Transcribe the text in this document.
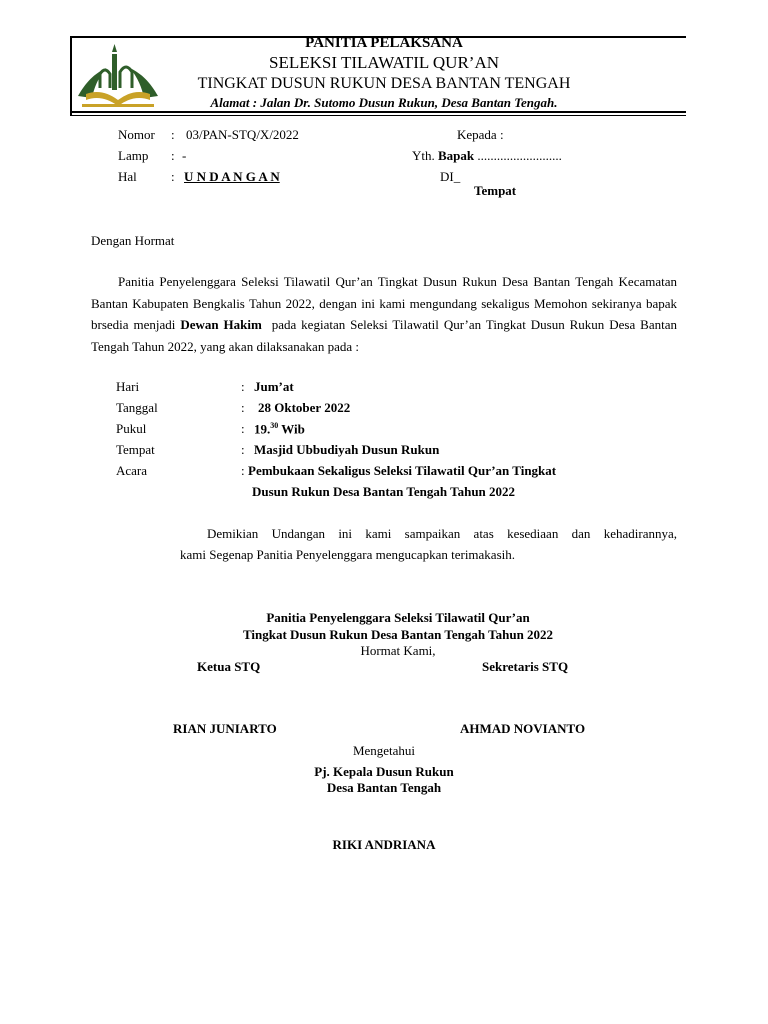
PANITIA PELAKSANA
SELEKSI TILAWATIL QUR’AN
TINGKAT DUSUN RUKUN DESA BANTAN TENGAH
Alamat : Jalan Dr. Sutomo Dusun Rukun, Desa Bantan Tengah.
Nomor : 03/PAN-STQ/X/2022
Lamp : -
Hal	: U N D A N G A N
Kepada :
Yth. Bapak ..........................
DI_
Tempat
Dengan Hormat

Panitia Penyelenggara Seleksi Tilawatil Qur’an Tingkat Dusun Rukun Desa Bantan Tengah Kecamatan Bantan Kabupaten Bengkalis Tahun 2022, dengan ini kami mengundang sekaligus Memohon sekiranya bapak brsedia menjadi Dewan Hakim pada kegiatan Seleksi Tilawatil Qur’an Tingkat Dusun Rukun Desa Bantan Tengah Tahun 2022, yang akan dilaksanakan pada :

Hari	: Jum’at
Tanggal	: 28 Oktober 2022
Pukul	: 19.30 Wib
Tempat	: Masjid Ubbudiyah Dusun Rukun
Acara	: Pembukaan Sekaligus Seleksi Tilawatil Qur’an Tingkat
Dusun Rukun Desa Bantan Tengah Tahun 2022
Demikian Undangan ini kami sampaikan atas kesediaan dan kehadirannya,
kami Segenap Panitia Penyelenggara mengucapkan terimakasih.
Panitia Penyelenggara Seleksi Tilawatil Qur’an
Tingkat Dusun Rukun Desa Bantan Tengah Tahun 2022
Hormat Kami,
Ketua STQ	Sekretaris STQ
RIAN JUNIARTO	AHMAD NOVIANTO
Mengetahui
Pj. Kepala Dusun Rukun
Desa Bantan Tengah
RIKI ANDRIANA
